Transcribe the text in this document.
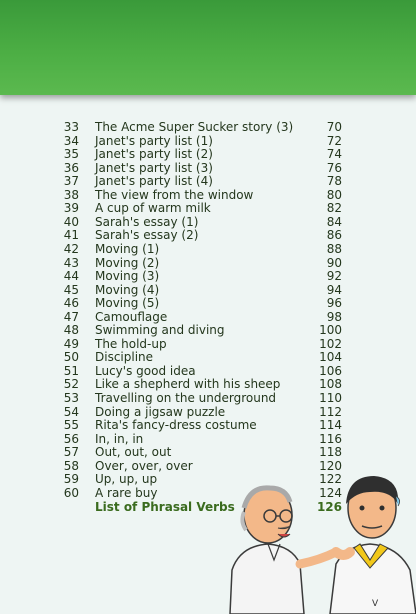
33 The Acme Super Sucker story (3)	70
34 Janet's party list (1)	72
35 Janet's party list (2)	74
36 Janet's party list (3)	76
37 Janet's party list (4)	78
38 The view from the window	80
39 A cup of warm milk	82
40 Sarah's essay (1)	84
41 Sarah's essay (2)	86
42 Moving (1)	88
43 Moving (2)	90
44 Moving (3)	92
45 Moving (4)	94
46 Moving (5)	96
47 Camouflage	98
48 Swimming and diving	100
49 The hold-up	102
50 Discipline	104
51 Lucy's good idea	106
52 Like a shepherd with his sheep	108
53 Travelling on the underground	110
54 Doing a jigsaw puzzle	112
55 Rita's fancy-dress costume	114
56 In, in, in	116
57 Out, out, out	118
58 Over, over, over	120
59 Up, up, up	122
60 A rare buy	124
List of Phrasal Verbs	126
V
